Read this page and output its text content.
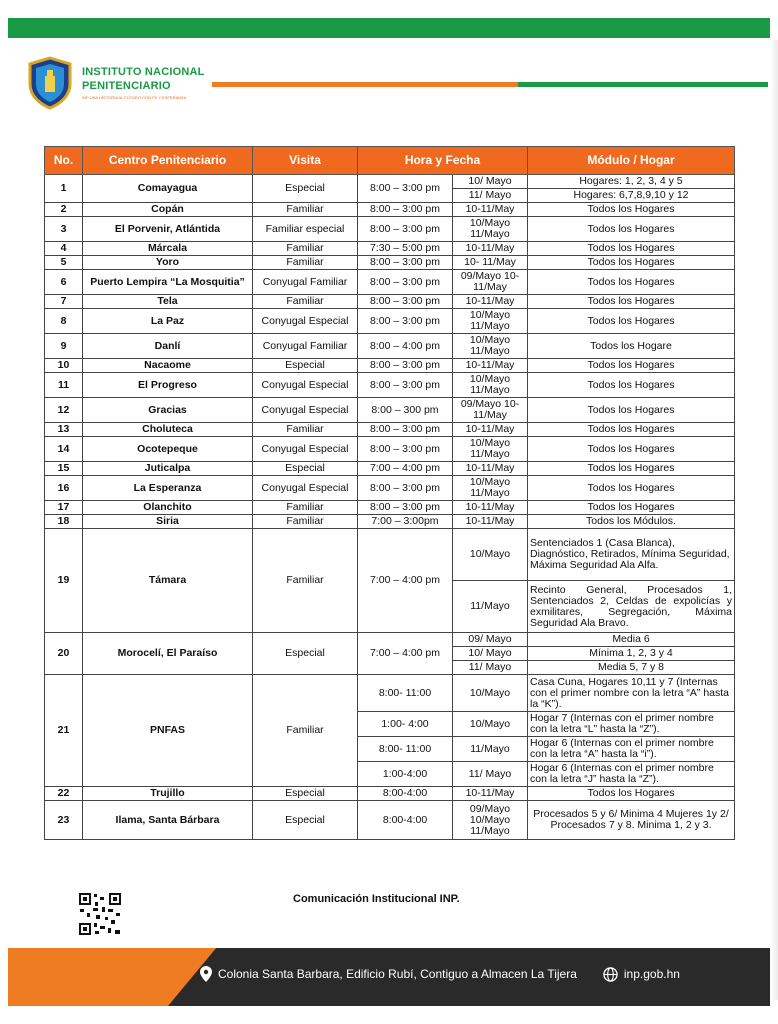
INSTITUTO NACIONAL
PENITENCIARIO
INP UNA HISTORIA AL FUTURO CON FE Y ESPERANZA
No.	Centro Penitenciario	Visita	Hora y Fecha		Módulo / Hogar
1	Comayagua	Especial	8:00 – 3:00 pm	10/ Mayo	Hogares: 1, 2, 3, 4 y 5
				11/ Mayo	Hogares: 6,7,8,9,10 y 12
2	Copán	Familiar	8:00 – 3:00 pm	10-11/May	Todos los Hogares
3	El Porvenir, Atlántida	Familiar especial	8:00 – 3:00 pm	10/Mayo 11/Mayo	Todos los Hogares
4	Márcala	Familiar	7:30 – 5:00 pm	10-11/May	Todos los Hogares
5	Yoro	Familiar	8:00 – 3:00 pm	10- 11/May	Todos los Hogares
6	Puerto Lempira “La Mosquitia”	Conyugal Familiar	8:00 – 3:00 pm	09/Mayo 10-11/May	Todos los Hogares
7	Tela	Familiar	8:00 – 3:00 pm	10-11/May	Todos los Hogares
8	La Paz	Conyugal Especial	8:00 – 3:00 pm	10/Mayo 11/Mayo	Todos los Hogares
9	Danlí	Conyugal Familiar	8:00 – 4:00 pm	10/Mayo 11/Mayo	Todos los Hogare
10	Nacaome	Especial	8:00 – 3:00 pm	10-11/May	Todos los Hogares
11	El Progreso	Conyugal Especial	8:00 – 3:00 pm	10/Mayo 11/Mayo	Todos los Hogares
12	Gracias	Conyugal Especial	8:00 – 300 pm	09/Mayo 10-11/May	Todos los Hogares
13	Choluteca	Familiar	8:00 – 3:00 pm	10-11/May	Todos los Hogares
14	Ocotepeque	Conyugal Especial	8:00 – 3:00 pm	10/Mayo 11/Mayo	Todos los Hogares
15	Juticalpa	Especial	7:00 – 4:00 pm	10-11/May	Todos los Hogares
16	La Esperanza	Conyugal Especial	8:00 – 3:00 pm	10/Mayo 11/Mayo	Todos los Hogares
17	Olanchito	Familiar	8:00 – 3:00 pm	10-11/May	Todos los Hogares
18	Siria	Familiar	7:00 – 3:00pm	10-11/May	Todos los Módulos.
19	Támara	Familiar	7:00 – 4:00 pm	10/Mayo	Sentenciados 1 (Casa Blanca), Diagnóstico, Retirados, Mínima Seguridad, Máxima Seguridad Ala Alfa.
				11/Mayo	Recinto General, Procesados 1, Sentenciados 2, Celdas de expolicías y exmilitares, Segregación, Máxima Seguridad Ala Bravo.
20	Morocelí, El Paraíso	Especial	7:00 – 4:00 pm	09/ Mayo	Media 6
				10/ Mayo	Mínima 1, 2, 3 y 4
				11/ Mayo	Media 5, 7 y 8
21	PNFAS	Familiar	8:00- 11:00	10/Mayo	Casa Cuna, Hogares 10,11 y 7 (Internas con el primer nombre con la letra “A” hasta la “K”).
			1:00- 4:00	10/Mayo	Hogar 7 (Internas con el primer nombre con la letra “L” hasta la “Z”).
			8:00- 11:00	11/Mayo	Hogar 6 (Internas con el primer nombre con la letra “A” hasta la “i”).
			1:00-4:00	11/ Mayo	Hogar 6 (Internas con el primer nombre con la letra “J” hasta la “Z”).
22	Trujillo	Especial	8:00-4:00	10-11/May	Todos los Hogares
23	Ilama, Santa Bárbara	Especial	8:00-4:00	09/Mayo 10/Mayo 11/Mayo	Procesados 5 y 6/ Minima 4 Mujeres 1y 2/ Procesados 7 y 8. Minima 1, 2 y 3.
Comunicación Institucional INP.
Colonia Santa Barbara, Edificio Rubí, Contiguo a Almacen La Tijera	inp.gob.hn
